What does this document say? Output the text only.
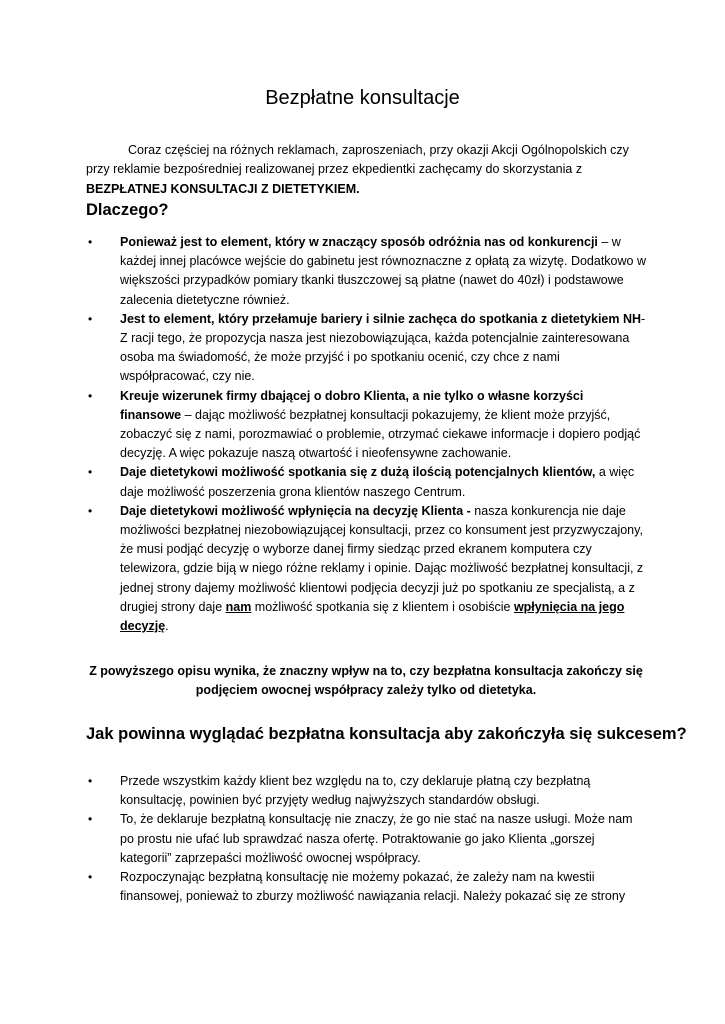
Bezpłatne konsultacje

Coraz częściej na różnych reklamach, zaproszeniach, przy okazji Akcji Ogólnopolskich czy przy reklamie bezpośredniej realizowanej przez ekpedientki zachęcamy do skorzystania z BEZPŁATNEJ KONSULTACJI Z DIETETYKIEM.

Dlaczego?
• Ponieważ jest to element, który w znaczący sposób odróżnia nas od konkurencji – w każdej innej placówce wejście do gabinetu jest równoznaczne z opłatą za wizytę. Dodatkowo w większości przypadków pomiary tkanki tłuszczowej są płatne (nawet do 40zł) i podstawowe zalecenia dietetyczne również.
• Jest to element, który przełamuje bariery i silnie zachęca do spotkania z dietetykiem NH- Z racji tego, że propozycja nasza jest niezobowiązująca, każda potencjalnie zainteresowana osoba ma świadomość, że może przyjść i po spotkaniu ocenić, czy chce z nami współpracować, czy nie.
• Kreuje wizerunek firmy dbającej o dobro Klienta, a nie tylko o własne korzyści finansowe – dając możliwość bezpłatnej konsultacji pokazujemy, że klient może przyjść, zobaczyć się z nami, porozmawiać o problemie, otrzymać ciekawe informacje i dopiero podjąć decyzję. A więc pokazuje naszą otwartość i nieofensywne zachowanie.
• Daje dietetykowi możliwość spotkania się z dużą ilością potencjalnych klientów, a więc daje możliwość poszerzenia grona klientów naszego Centrum.
• Daje dietetykowi możliwość wpłynięcia na decyzję Klienta - nasza konkurencja nie daje możliwości bezpłatnej niezobowiązującej konsultacji, przez co konsument jest przyzwyczajony, że musi podjąć decyzję o wyborze danej firmy siedząc przed ekranem komputera czy telewizora, gdzie biją w niego różne reklamy i opinie. Dając możliwość bezpłatnej konsultacji, z jednej strony dajemy możliwość klientowi podjęcia decyzji już po spotkaniu ze specjalistą, a z drugiej strony daje nam możliwość spotkania się z klientem i osobiście wpłynięcia na jego decyzję.

Z powyższego opisu wynika, że znaczny wpływ na to, czy bezpłatna konsultacja zakończy się podjęciem owocnej współpracy zależy tylko od dietetyka.

Jak powinna wyglądać bezpłatna konsultacja aby zakończyła się sukcesem?
• Przede wszystkim każdy klient bez względu na to, czy deklaruje płatną czy bezpłatną konsultację, powinien być przyjęty według najwyższych standardów obsługi.
• To, że deklaruje bezpłatną konsultację nie znaczy, że go nie stać na nasze usługi. Może nam po prostu nie ufać lub sprawdzać nasza ofertę. Potraktowanie go jako Klienta „gorszej kategorii” zaprzepaści możliwość owocnej współpracy.
• Rozpoczynając bezpłatną konsultację nie możemy pokazać, że zależy nam na kwestii finansowej, ponieważ to zburzy możliwość nawiązania relacji. Należy pokazać się ze strony
